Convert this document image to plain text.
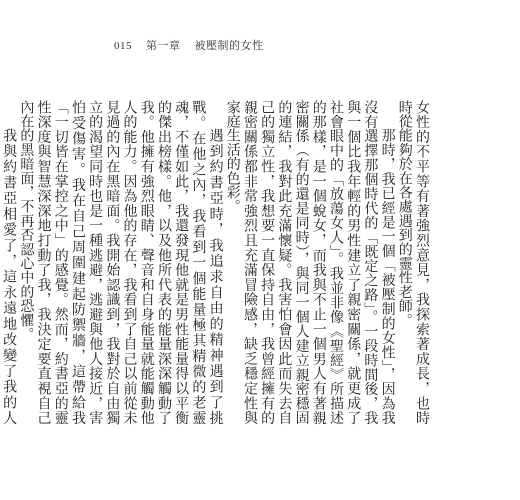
015 第一章 被壓制的女性

女性的不平等有著強烈意見，我探索著成長，也時時從能夠於在各處遇到的靈性老師。

那時，我已經是一個「被壓制的女性」，因為我沒有選擇那個時代的「既定之路」。一段時間後，我與一個比我年輕的男性建立了親密關係，就更成了社會眼中的「放蕩女人」。我並非像《聖經》所描述的那樣，是一個蛻女，而我與不止一個男人有著親密關係（有的還是同時），與同一個人建立親密穩固的連結，我對此充滿懷疑。我害怕會因此而失去自己的獨立性，我想要一直保持自由，我曾經擁有的親密關係都非常強烈且充滿冒險感，缺乏穩定性與家庭生活的色彩。

遇到約書亞時，我追求自由的精神遇到了挑戰。在他之內，我看到一個能量極其精微的老靈魂，不僅如此，我還發現他就是男性能量得以平衡的傑出榜樣。他，以及他所代表的能量深深觸動了我。他擁有強烈眼睛、聲音和自身能量就能觸動他人的能力。因為他的存在，我看到了自己以前從未見過的內在黑暗面。我開始認識到，我對於自由獨立的渴望同時也是一種逃避，逃避與他人接近，害怕受傷害。我在自己周圍建起防禦牆，這帶給我「一切皆在掌控之中」的感覺。然而，約書亞的靈性深度與智慧深深地打動了我，我決定要直視自己內在的黑暗面，不再否認心中的恐懼。

我與約書亞相愛了，這永遠地改變了我的人
